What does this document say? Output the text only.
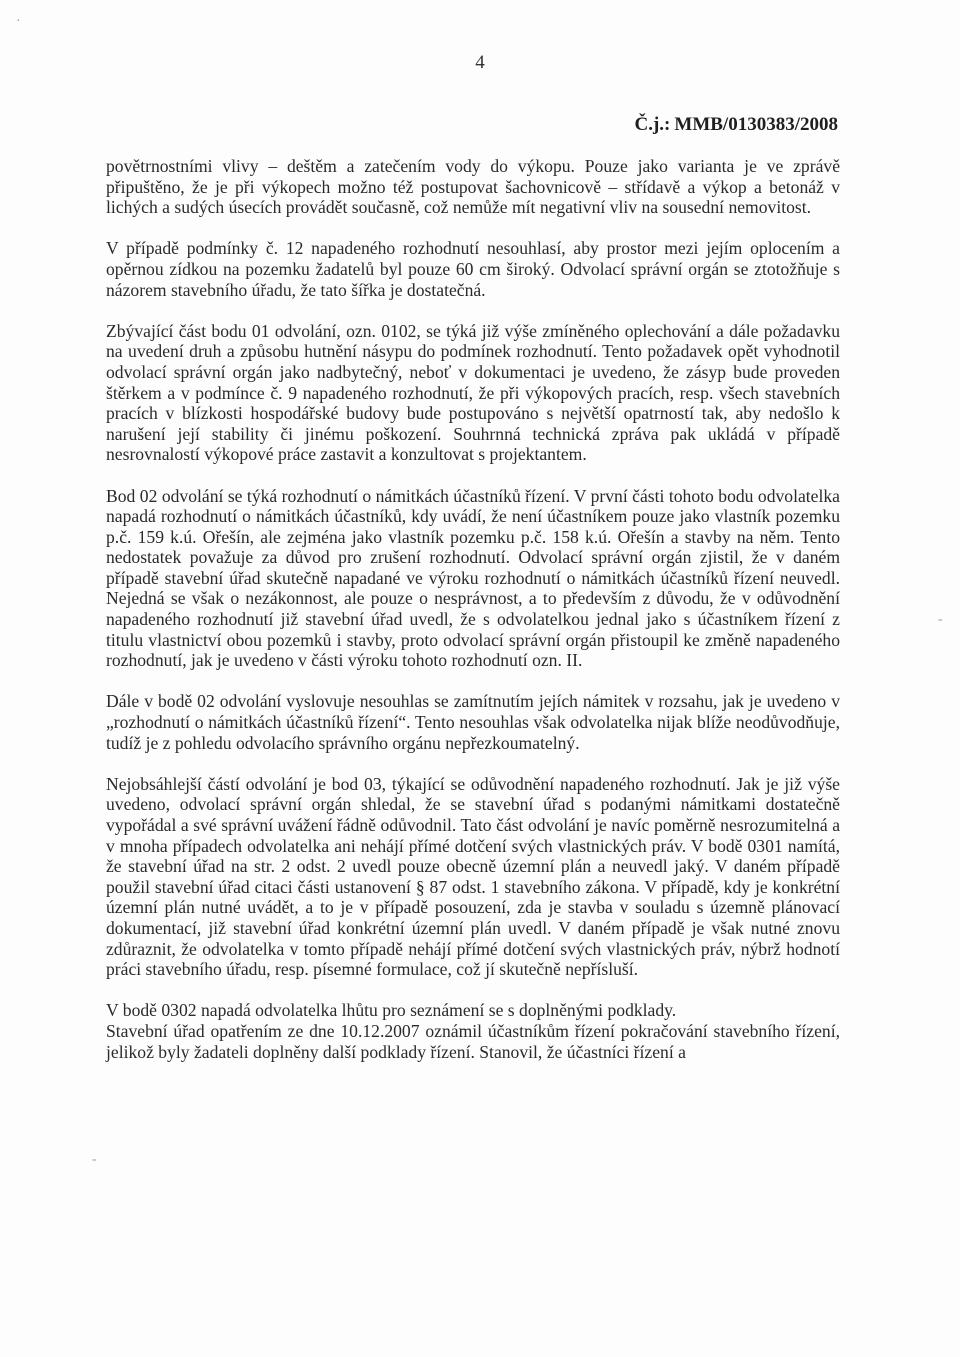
·
-
-
4
Č.j.: MMB/0130383/2008

povětrnostními vlivy – deštěm a zatečením vody do výkopu. Pouze jako varianta je ve zprávě připuštěno, že je při výkopech možno též postupovat šachovnicově – střídavě a výkop a betonáž v lichých a sudých úsecích provádět současně, což nemůže mít negativní vliv na sousední nemovitost.

V případě podmínky č. 12 napadeného rozhodnutí nesouhlasí, aby prostor mezi jejím oplocením a opěrnou zídkou na pozemku žadatelů byl pouze 60 cm široký. Odvolací správní orgán se ztotožňuje s názorem stavebního úřadu, že tato šířka je dostatečná.

Zbývající část bodu 01 odvolání, ozn. 0102, se týká již výše zmíněného oplechování a dále požadavku na uvedení druh a způsobu hutnění násypu do podmínek rozhodnutí. Tento požadavek opět vyhodnotil odvolací správní orgán jako nadbytečný, neboť v dokumentaci je uvedeno, že zásyp bude proveden štěrkem a v podmínce č. 9 napadeného rozhodnutí, že při výkopových pracích, resp. všech stavebních pracích v blízkosti hospodářské budovy bude postupováno s největší opatrností tak, aby nedošlo k narušení její stability či jinému poškození. Souhrnná technická zpráva pak ukládá v případě nesrovnalostí výkopové práce zastavit a konzultovat s projektantem.

Bod 02 odvolání se týká rozhodnutí o námitkách účastníků řízení. V první části tohoto bodu odvolatelka napadá rozhodnutí o námitkách účastníků, kdy uvádí, že není účastníkem pouze jako vlastník pozemku p.č. 159 k.ú. Ořešín, ale zejména jako vlastník pozemku p.č. 158 k.ú. Ořešín a stavby na něm. Tento nedostatek považuje za důvod pro zrušení rozhodnutí. Odvolací správní orgán zjistil, že v daném případě stavební úřad skutečně napadané ve výroku rozhodnutí o námitkách účastníků řízení neuvedl. Nejedná se však o nezákonnost, ale pouze o nesprávnost, a to především z důvodu, že v odůvodnění napadeného rozhodnutí již stavební úřad uvedl, že s odvolatelkou jednal jako s účastníkem řízení z titulu vlastnictví obou pozemků i stavby, proto odvolací správní orgán přistoupil ke změně napadeného rozhodnutí, jak je uvedeno v části výroku tohoto rozhodnutí ozn. II.

Dále v bodě 02 odvolání vyslovuje nesouhlas se zamítnutím jejích námitek v rozsahu, jak je uvedeno v „rozhodnutí o námitkách účastníků řízení“. Tento nesouhlas však odvolatelka nijak blíže neodůvodňuje, tudíž je z pohledu odvolacího správního orgánu nepřezkoumatelný.

Nejobsáhlejší částí odvolání je bod 03, týkající se odůvodnění napadeného rozhodnutí. Jak je již výše uvedeno, odvolací správní orgán shledal, že se stavební úřad s podanými námitkami dostatečně vypořádal a své správní uvážení řádně odůvodnil. Tato část odvolání je navíc poměrně nesrozumitelná a v mnoha případech odvolatelka ani nehájí přímé dotčení svých vlastnických práv. V bodě 0301 namítá, že stavební úřad na str. 2 odst. 2 uvedl pouze obecně územní plán a neuvedl jaký. V daném případě použil stavební úřad citaci části ustanovení § 87 odst. 1 stavebního zákona. V případě, kdy je konkrétní územní plán nutné uvádět, a to je v případě posouzení, zda je stavba v souladu s územně plánovací dokumentací, již stavební úřad konkrétní územní plán uvedl. V daném případě je však nutné znovu zdůraznit, že odvolatelka v tomto případě nehájí přímé dotčení svých vlastnických práv, nýbrž hodnotí práci stavebního úřadu, resp. písemné formulace, což jí skutečně nepřísluší.

V bodě 0302 napadá odvolatelka lhůtu pro seznámení se s doplněnými podklady.

Stavební úřad opatřením ze dne 10.12.2007 oznámil účastníkům řízení pokračování stavebního řízení, jelikož byly žadateli doplněny další podklady řízení. Stanovil, že účastníci řízení a
